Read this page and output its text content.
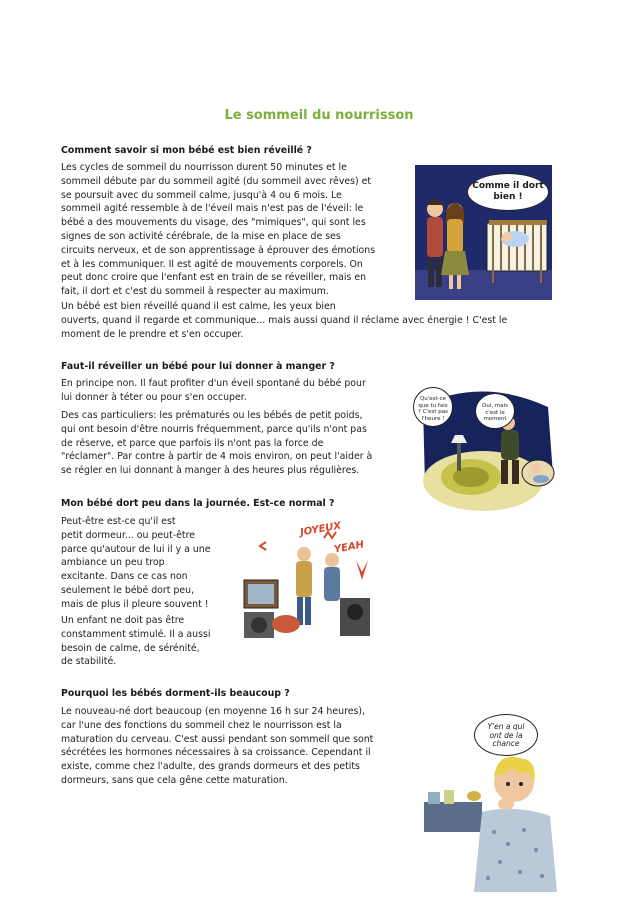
Le sommeil du nourrisson
Comment savoir si mon bébé est bien réveillé ?
Les cycles de sommeil du nourrisson durent 50 minutes et le
sommeil débute par du sommeil agité (du sommeil avec rêves) et
se poursuit avec du sommeil calme, jusqu'à 4 ou 6 mois. Le
sommeil agité ressemble à de l'éveil mais n'est pas de l'éveil: le
bébé a des mouvements du visage, des "mimiques", qui sont les
signes de son activité cérébrale, de la mise en place de ses
circuits nerveux, et de son apprentissage à éprouver des émotions
et à les communiquer. Il est agité de mouvements corporels. On
peut donc croire que l'enfant est en train de se réveiller, mais en
fait, il dort et c'est du sommeil à respecter au maximum.
Un bébé est bien réveillé quand il est calme, les yeux bien
ouverts, quand il regarde et communique... mais aussi quand il réclame avec énergie ! C'est le
moment de le prendre et s'en occuper.
Comme il dort bien !
Faut-il réveiller un bébé pour lui donner à manger ?
En principe non. Il faut profiter d'un éveil spontané du bébé pour
lui donner à téter ou pour s'en occuper.
Des cas particuliers: les prématurés ou les bébés de petit poids,
qui ont besoin d'être nourris fréquemment, parce qu'ils n'ont pas
de réserve, et parce que parfois ils n'ont pas la force de
"réclamer". Par contre à partir de 4 mois environ, on peut l'aider à
se régler en lui donnant à manger à des heures plus régulières.
Qu'est-ce que tu fais ? C'est pas l'heure !
Oui, mais c'est le moment
Mon bébé dort peu dans la journée. Est-ce normal ?
Peut-être est-ce qu'il est
petit dormeur... ou peut-être
parce qu'autour de lui il y a une
ambiance un peu trop
excitante. Dans ce cas non
seulement le bébé dort peu,
mais de plus il pleure souvent !
Un enfant ne doit pas être
constamment stimulé. Il a aussi
besoin de calme, de sérénité,
de stabilité.
JOYEUX
YEAH
Pourquoi les bébés dorment-ils beaucoup ?
Le nouveau-né dort beaucoup (en moyenne 16 h sur 24 heures),
car l'une des fonctions du sommeil chez le nourrisson est la
maturation du cerveau. C'est aussi pendant son sommeil que sont
sécrétées les hormones nécessaires à sa croissance. Cependant il
existe, comme chez l'adulte, des grands dormeurs et des petits
dormeurs, sans que cela gêne cette maturation.
Y'en a qui ont de la chance
